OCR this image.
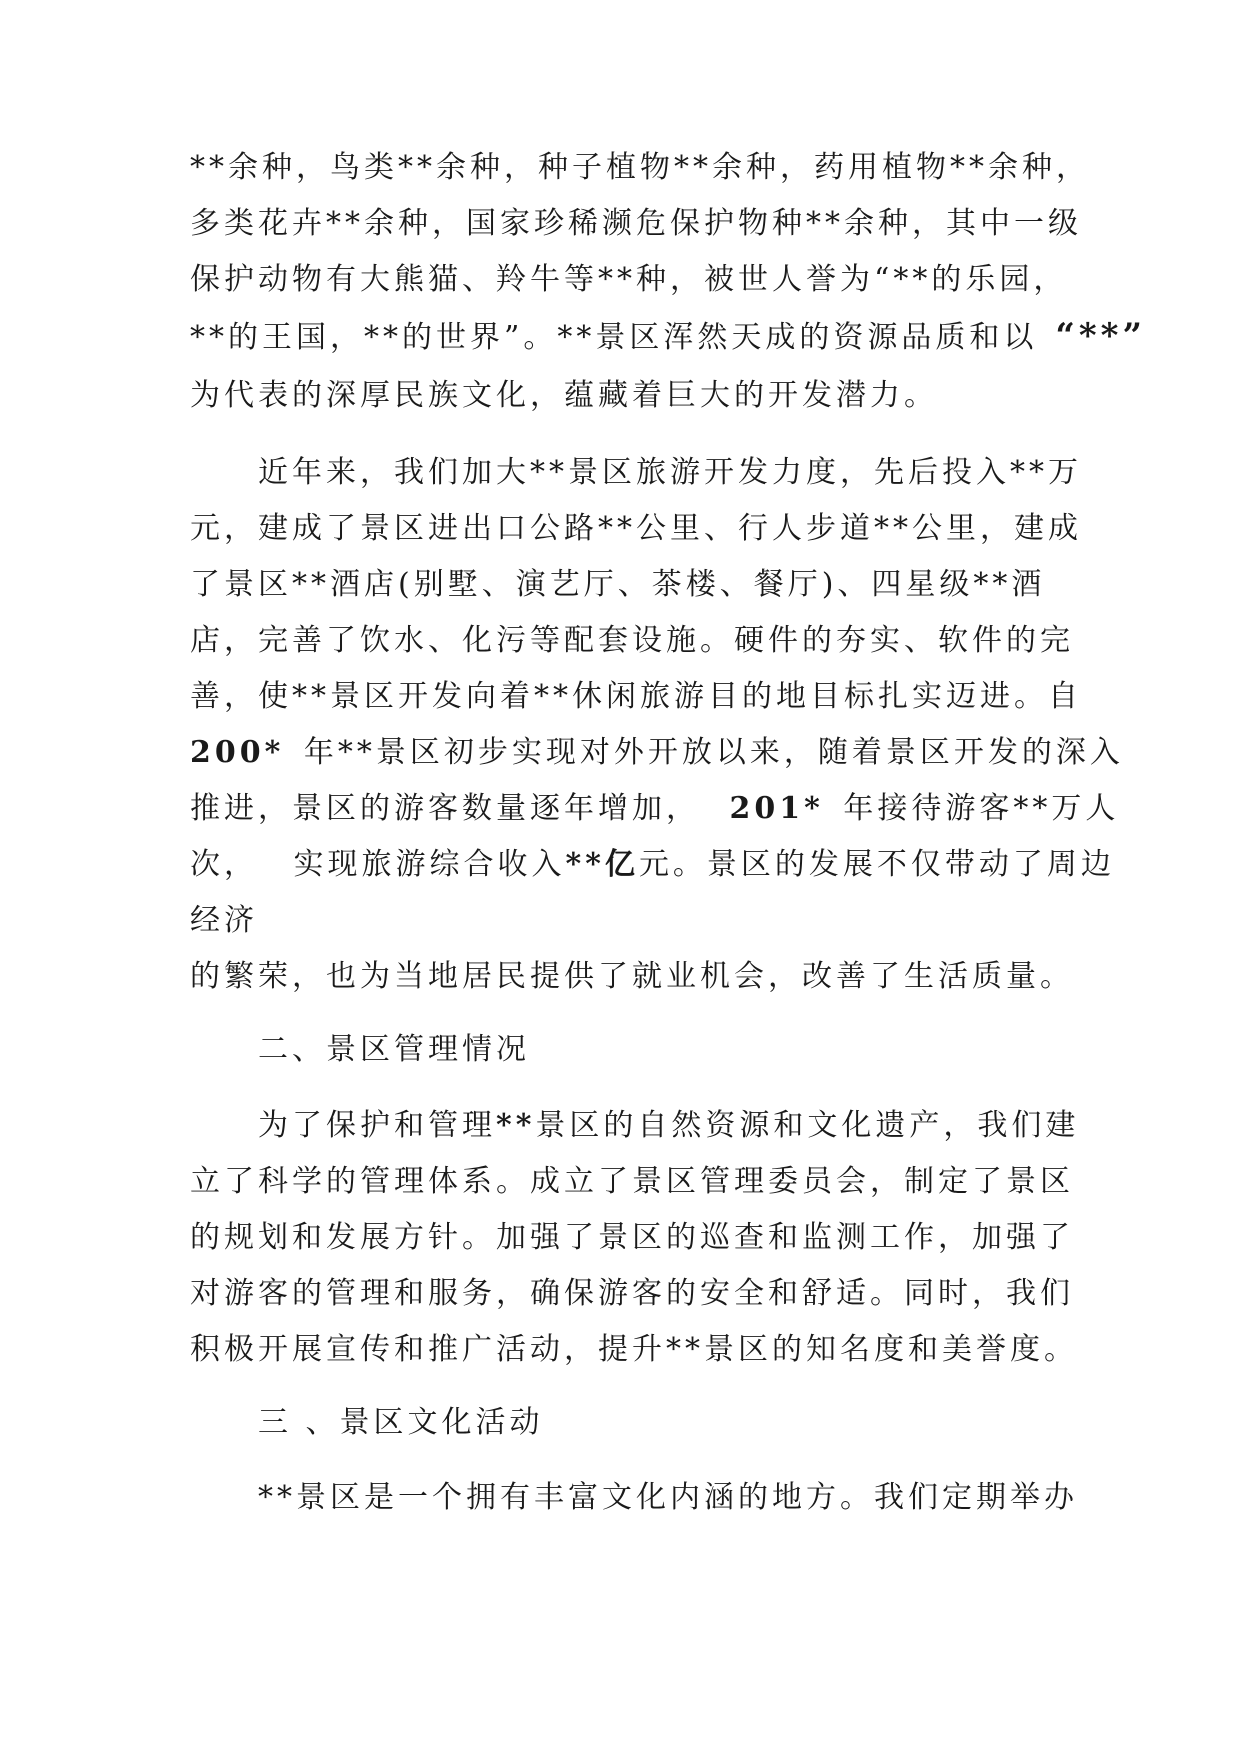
**余种，鸟类**余种，种子植物**余种，药用植物**余种，
多类花卉**余种，国家珍稀濒危保护物种**余种，其中一级
保护动物有大熊猫、羚牛等**种，被世人誉为“**的乐园，
**的王国，**的世界”。**景区浑然天成的资源品质和以 “**”
为代表的深厚民族文化，蕴藏着巨大的开发潜力。
近年来，我们加大**景区旅游开发力度，先后投入**万
元，建成了景区进出口公路**公里、行人步道**公里，建成
了景区**酒店(别墅、演艺厅、茶楼、餐厅)、四星级**酒
店，完善了饮水、化污等配套设施。硬件的夯实、软件的完
善，使**景区开发向着**休闲旅游目的地目标扎实迈进。自
200* 年**景区初步实现对外开放以来，随着景区开发的深入
推进，景区的游客数量逐年增加， 201* 年接待游客**万人
次， 实现旅游综合收入**亿元。景区的发展不仅带动了周边
经济
的繁荣，也为当地居民提供了就业机会，改善了生活质量。
二、景区管理情况
为了保护和管理**景区的自然资源和文化遗产，我们建
立了科学的管理体系。成立了景区管理委员会，制定了景区
的规划和发展方针。加强了景区的巡查和监测工作，加强了
对游客的管理和服务，确保游客的安全和舒适。同时，我们
积极开展宣传和推广活动，提升**景区的知名度和美誉度。
三 、景区文化活动
**景区是一个拥有丰富文化内涵的地方。我们定期举办
